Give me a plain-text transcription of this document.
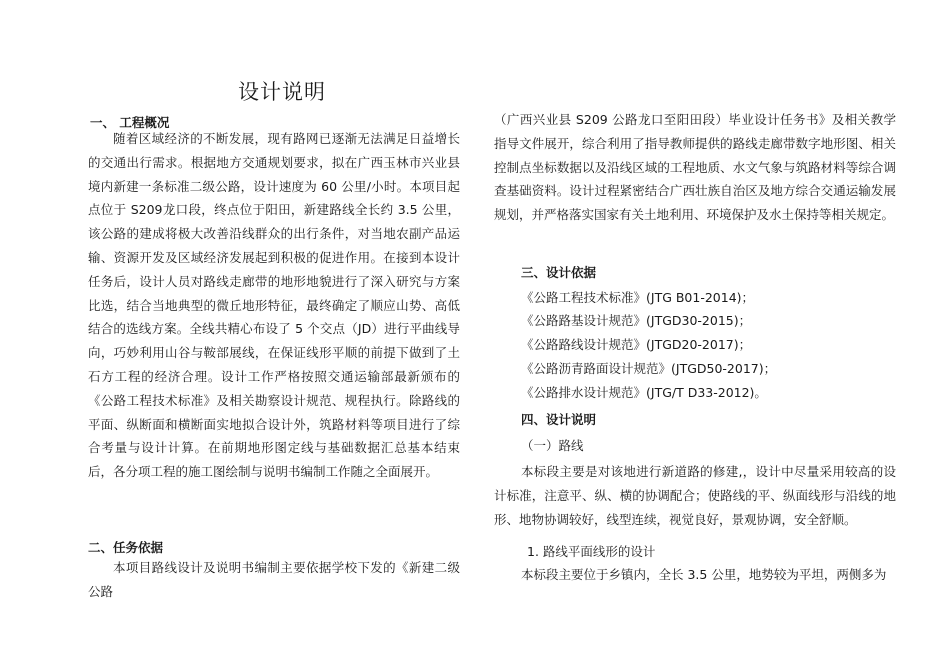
设计说明
一、 工程概况
随着区域经济的不断发展，现有路网已逐渐无法满足日益增长的交通出行需求。根据地方交通规划要求，拟在广西玉林市兴业县境内新建一条标准二级公路，设计速度为 60 公里/小时。本项目起点位于 S209龙口段，终点位于阳田，新建路线全长约 3.5 公里，该公路的建成将极大改善沿线群众的出行条件，对当地农副产品运输、资源开发及区域经济发展起到积极的促进作用。在接到本设计任务后，设计人员对路线走廊带的地形地貌进行了深入研究与方案比选，结合当地典型的微丘地形特征，最终确定了顺应山势、高低结合的选线方案。全线共精心布设了 5 个交点（JD）进行平曲线导向，巧妙利用山谷与鞍部展线，在保证线形平顺的前提下做到了土石方工程的经济合理。设计工作严格按照交通运输部最新颁布的《公路工程技术标准》及相关勘察设计规范、规程执行。除路线的平面、纵断面和横断面实地拟合设计外，筑路材料等项目进行了综合考量与设计计算。在前期地形图定线与基础数据汇总基本结束后，各分项工程的施工图绘制与说明书编制工作随之全面展开。
二、任务依据
本项目路线设计及说明书编制主要依据学校下发的《新建二级公路
（广西兴业县 S209 公路龙口至阳田段）毕业设计任务书》及相关教学指导文件展开，综合利用了指导教师提供的路线走廊带数字地形图、相关控制点坐标数据以及沿线区域的工程地质、水文气象与筑路材料等综合调查基础资料。设计过程紧密结合广西壮族自治区及地方综合交通运输发展规划，并严格落实国家有关土地利用、环境保护及水土保持等相关规定。
三、设计依据
《公路工程技术标准》(JTG B01-2014)；
《公路路基设计规范》(JTGD30-2015)；
《公路路线设计规范》(JTGD20-2017)；
《公路沥青路面设计规范》(JTGD50-2017)；
《公路排水设计规范》(JTG/T D33-2012)。
四、设计说明
（一）路线
本标段主要是对该地进行新道路的修建,，设计中尽量采用较高的设计标准，注意平、纵、横的协调配合；使路线的平、纵面线形与沿线的地形、地物协调较好，线型连续，视觉良好，景观协调，安全舒顺。
1. 路线平面线形的设计
本标段主要位于乡镇内，全长 3.5 公里，地势较为平坦，两侧多为
